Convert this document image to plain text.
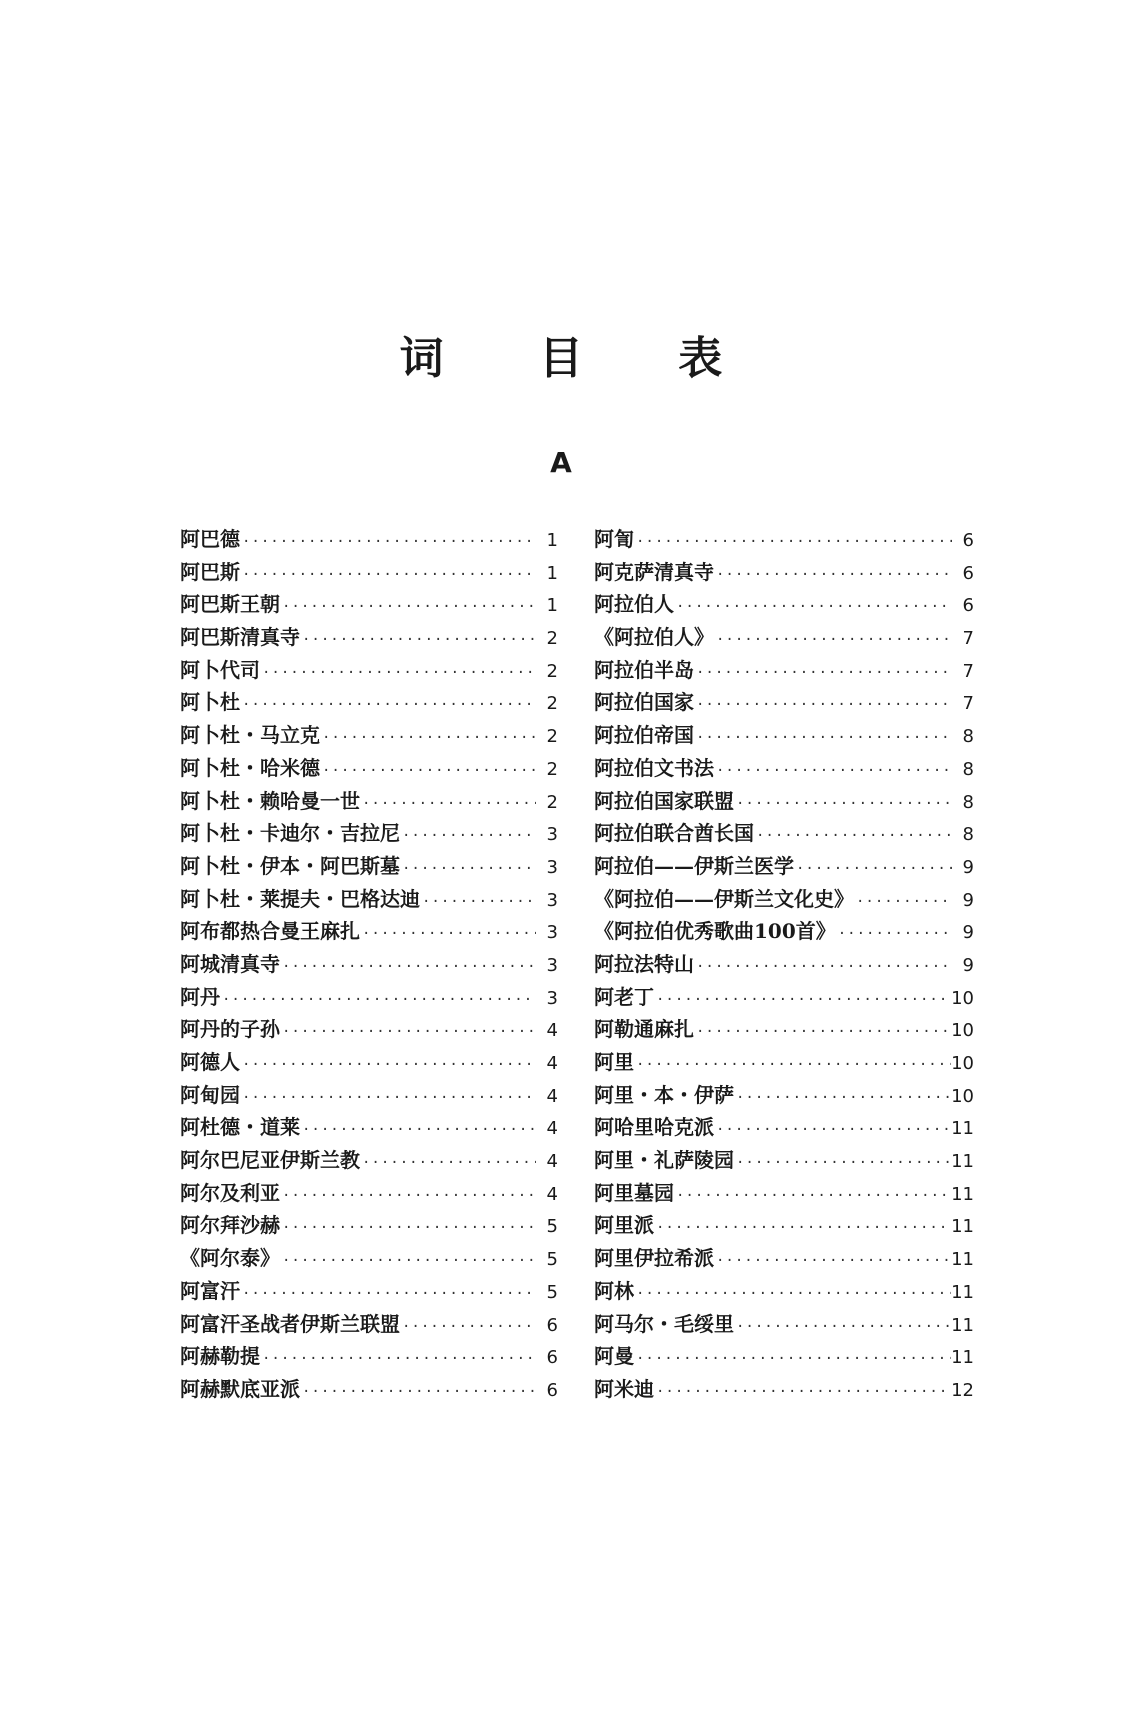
词 目 表
A
阿巴德 ·····	1
阿巴斯 ·····	1
阿巴斯王朝 ·····	1
阿巴斯清真寺 ·····	2
阿卜代司 ·····	2
阿卜杜 ·····	2
阿卜杜・马立克 ·····	2
阿卜杜・哈米德 ·····	2
阿卜杜・赖哈曼一世 ·····	2
阿卜杜・卡迪尔・吉拉尼 ·····	3
阿卜杜・伊本・阿巴斯墓 ·····	3
阿卜杜・莱提夫・巴格达迪 ·····	3
阿布都热合曼王麻扎 ·····	3
阿城清真寺 ·····	3
阿丹 ·····	3
阿丹的子孙 ·····	4
阿德人 ·····	4
阿甸园 ·····	4
阿杜德・道莱 ·····	4
阿尔巴尼亚伊斯兰教 ·····	4
阿尔及利亚 ·····	4
阿尔拜沙赫 ·····	5
《阿尔泰》 ·····	5
阿富汗 ·····	5
阿富汗圣战者伊斯兰联盟 ·····	6
阿赫勒提 ·····	6
阿赫默底亚派 ·····	6
阿訇 ·····	6
阿克萨清真寺 ·····	6
阿拉伯人 ·····	6
《阿拉伯人》 ·····	7
阿拉伯半岛 ·····	7
阿拉伯国家 ·····	7
阿拉伯帝国 ·····	8
阿拉伯文书法 ·····	8
阿拉伯国家联盟 ·····	8
阿拉伯联合酋长国 ·····	8
阿拉伯——伊斯兰医学 ·····	9
《阿拉伯——伊斯兰文化史》 ·····	9
《阿拉伯优秀歌曲100首》 ·····	9
阿拉法特山 ·····	9
阿老丁 ·····	10
阿勒通麻扎 ·····	10
阿里 ·····	10
阿里・本・伊萨 ·····	10
阿哈里哈克派 ·····	11
阿里・礼萨陵园 ·····	11
阿里墓园 ·····	11
阿里派 ·····	11
阿里伊拉希派 ·····	11
阿林 ·····	11
阿马尔・毛绥里 ·····	11
阿曼 ·····	11
阿米迪 ·····	12
